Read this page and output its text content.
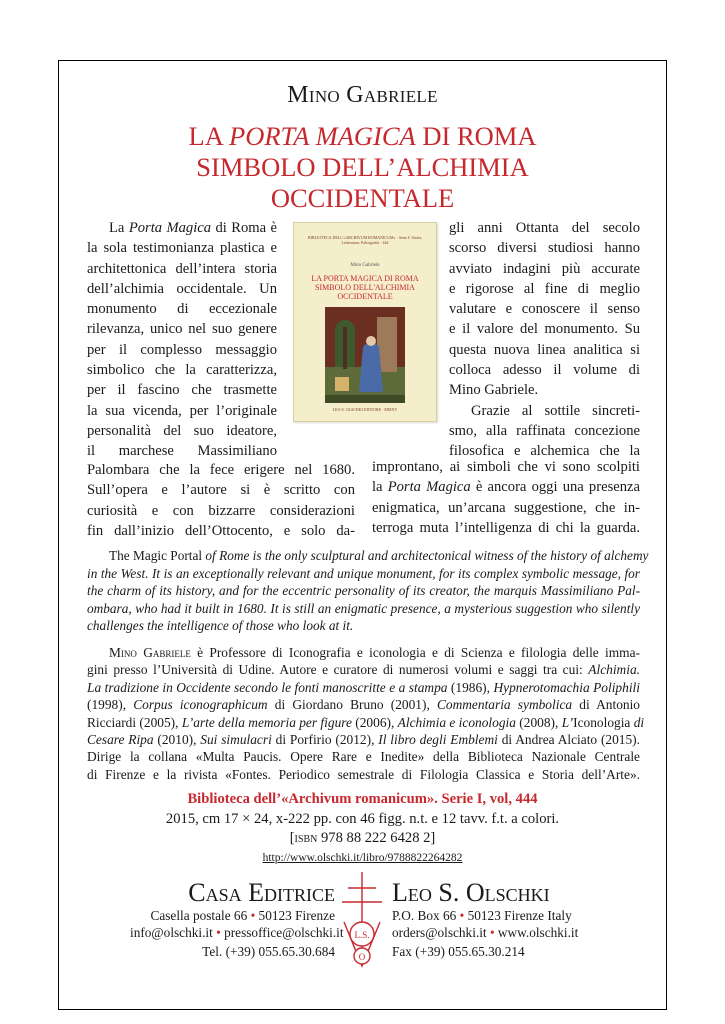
Mino Gabriele
LA PORTA MAGICA DI ROMA
SIMBOLO DELL’ALCHIMIA
OCCIDENTALE
La Porta Magica di Roma è
la sola testimonianza plastica e
architettonica dell’intera storia
dell’alchimia occidentale. Un
monumento di eccezionale
rilevanza, unico nel suo genere
per il complesso messaggio
simbolico che la caratterizza,
per il fascino che trasmette
la sua vicenda, per l’originale
personalità del suo ideatore,
il marchese Massimiliano
Palombara che la fece erigere nel 1680.
Sull’opera e l’autore si è scritto con
curiosità e con bizzarre considerazioni
fin dall’inizio dell’Ottocento, e solo da-
BIBLIOTECA DELL'«ARCHIVUM ROMANICUM» · Serie I: Storia, Letteratura, Paleografia · 444
Mino Gabriele
LA PORTA MAGICA DI ROMA
SIMBOLO DELL'ALCHIMIA
OCCIDENTALE
LEO S. OLSCHKI EDITORE · MMXV
gli anni Ottanta del secolo
scorso diversi studiosi hanno
avviato indagini più accurate
e rigorose al fine di meglio
valutare e conoscere il senso
e il valore del monumento. Su
questa nuova linea analitica si
colloca adesso il volume di
Mino Gabriele.
Grazie al sottile sincreti-
smo, alla raffinata concezione
filosofica e alchemica che la
improntano, ai simboli che vi sono scolpiti
la Porta Magica è ancora oggi una presenza
enigmatica, un’arcana suggestione, che in-
terroga muta l’intelligenza di chi la guarda.
The Magic Portal of Rome is the only sculptural and architectonical witness of the history of alchemy
in the West. It is an exceptionally relevant and unique monument, for its complex symbolic message, for
the charm of its history, and for the eccentric personality of its creator, the marquis Massimiliano Pal-
ombara, who had it built in 1680. It is still an enigmatic presence, a mysterious suggestion who silently
challenges the intelligence of those who look at it.
Mino Gabriele è Professore di Iconografia e iconologia e di Scienza e filologia delle imma-
gini presso l’Università di Udine. Autore e curatore di numerosi volumi e saggi tra cui: Alchimia.
La tradizione in Occidente secondo le fonti manoscritte e a stampa (1986), Hypnerotomachia Poliphili
(1998), Corpus iconographicum di Giordano Bruno (2001), Commentaria symbolica di Antonio
Ricciardi (2005), L’arte della memoria per figure (2006), Alchimia e iconologia (2008), L’Iconologia di
Cesare Ripa (2010), Sui simulacri di Porfirio (2012), Il libro degli Emblemi di Andrea Alciato (2015).
Dirige la collana «Multa Paucis. Opere Rare e Inedite» della Biblioteca Nazionale Centrale
di Firenze e la rivista «Fontes. Periodico semestrale di Filologia Classica e Storia dell’Arte».
Biblioteca dell’«Archivum romanicum». Serie I, vol, 444
2015, cm 17 × 24, x-222 pp. con 46 figg. n.t. e 12 tavv. f.t. a colori.
[isbn 978 88 222 6428 2]
http://www.olschki.it/libro/9788822264282
Casa Editrice
Casella postale 66 • 50123 Firenze
info@olschki.it • pressoffice@olschki.it
Leo S. Olschki
P.O. Box 66 • 50123 Firenze Italy
orders@olschki.it • www.olschki.it
Tel. (+39) 055.65.30.684	Fax (+39) 055.65.30.214
L.S.
O
